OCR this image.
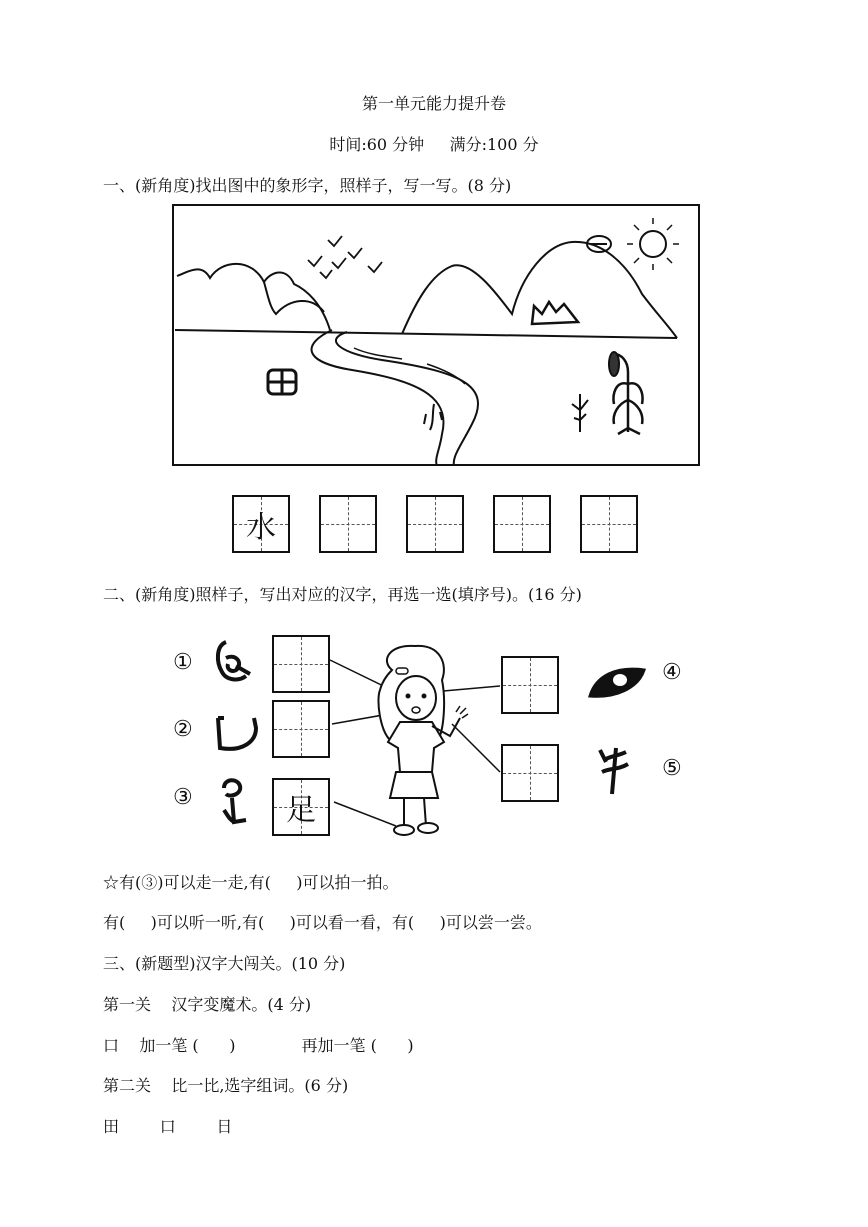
第一单元能力提升卷
时间:60 分钟     满分:100 分
一、(新角度)找出图中的象形字，照样子，写一写。(8 分)
水
二、(新角度)照样子，写出对应的汉字，再选一选(填序号)。(16 分)
①
②
③
④
⑤
足
☆有(③)可以走一走,有(     )可以拍一拍。
有(     )可以听一听,有(     )可以看一看，有(     )可以尝一尝。
三、(新题型)汉字大闯关。(10 分)
第一关    汉字变魔术。(4 分)
口    加一笔 (      )             再加一笔 (      )
第二关    比一比,选字组词。(6 分)
田        口        日
